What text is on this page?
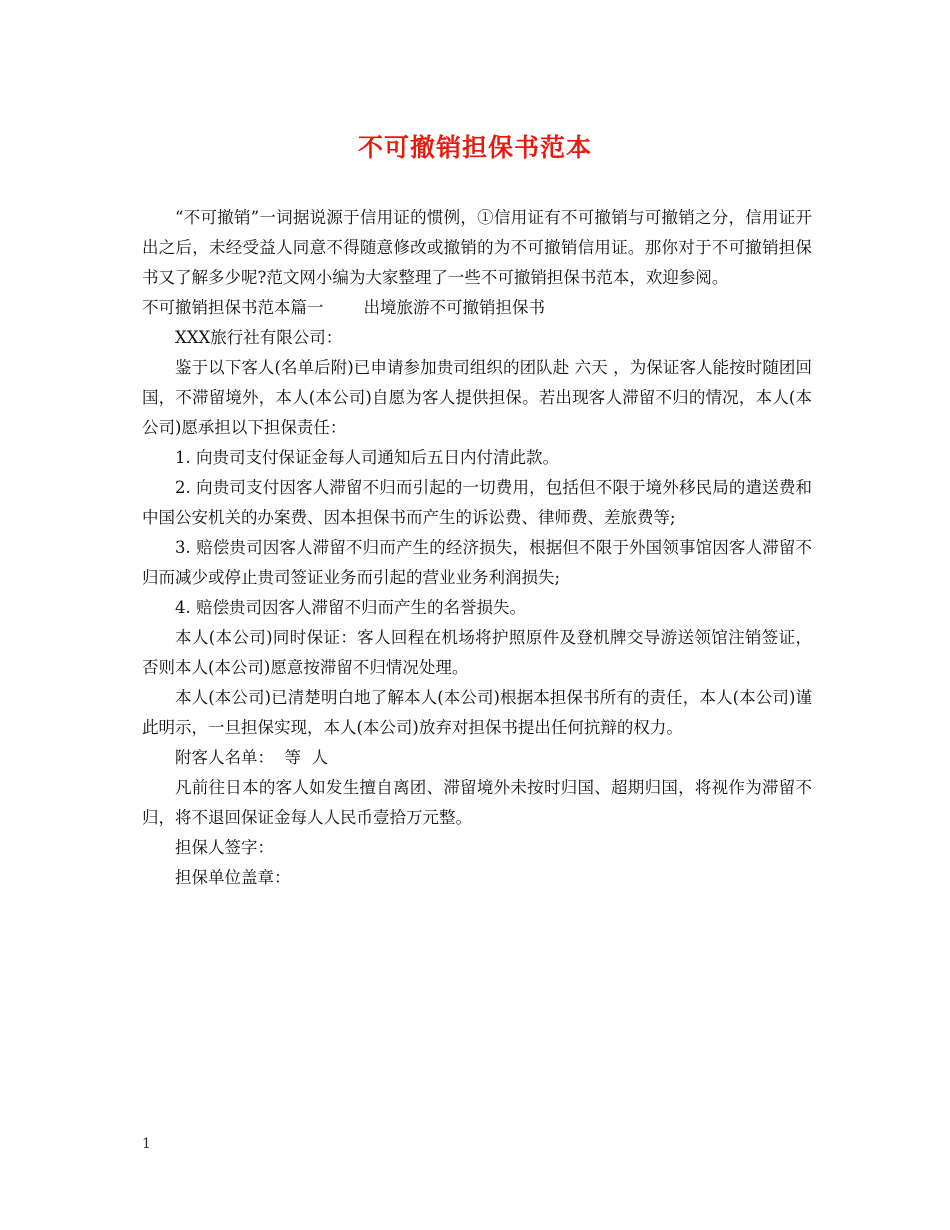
不可撤销担保书范本

“不可撤销”一词据说源于信用证的惯例，①信用证有不可撤销与可撤销之分，信用证开出之后，未经受益人同意不得随意修改或撤销的为不可撤销信用证。那你对于不可撤销担保书又了解多少呢?范文网小编为大家整理了一些不可撤销担保书范本，欢迎参阅。

不可撤销担保书范本篇一 出境旅游不可撤销担保书

XXX旅行社有限公司：

鉴于以下客人(名单后附)已申请参加贵司组织的团队赴 六天 ，为保证客人能按时随团回国，不滞留境外，本人(本公司)自愿为客人提供担保。若出现客人滞留不归的情况，本人(本公司)愿承担以下担保责任：

1. 向贵司支付保证金每人司通知后五日内付清此款。

2. 向贵司支付因客人滞留不归而引起的一切费用，包括但不限于境外移民局的遣送费和中国公安机关的办案费、因本担保书而产生的诉讼费、律师费、差旅费等;

3. 赔偿贵司因客人滞留不归而产生的经济损失，根据但不限于外国领事馆因客人滞留不归而减少或停止贵司签证业务而引起的营业业务利润损失;

4. 赔偿贵司因客人滞留不归而产生的名誉损失。

本人(本公司)同时保证：客人回程在机场将护照原件及登机牌交导游送领馆注销签证，否则本人(本公司)愿意按滞留不归情况处理。

本人(本公司)已清楚明白地了解本人(本公司)根据本担保书所有的责任，本人(本公司)谨此明示，一旦担保实现，本人(本公司)放弃对担保书提出任何抗辩的权力。

附客人名单：  等  人

凡前往日本的客人如发生擅自离团、滞留境外未按时归国、超期归国，将视作为滞留不归，将不退回保证金每人人民币壹拾万元整。

担保人签字：

担保单位盖章：

1
